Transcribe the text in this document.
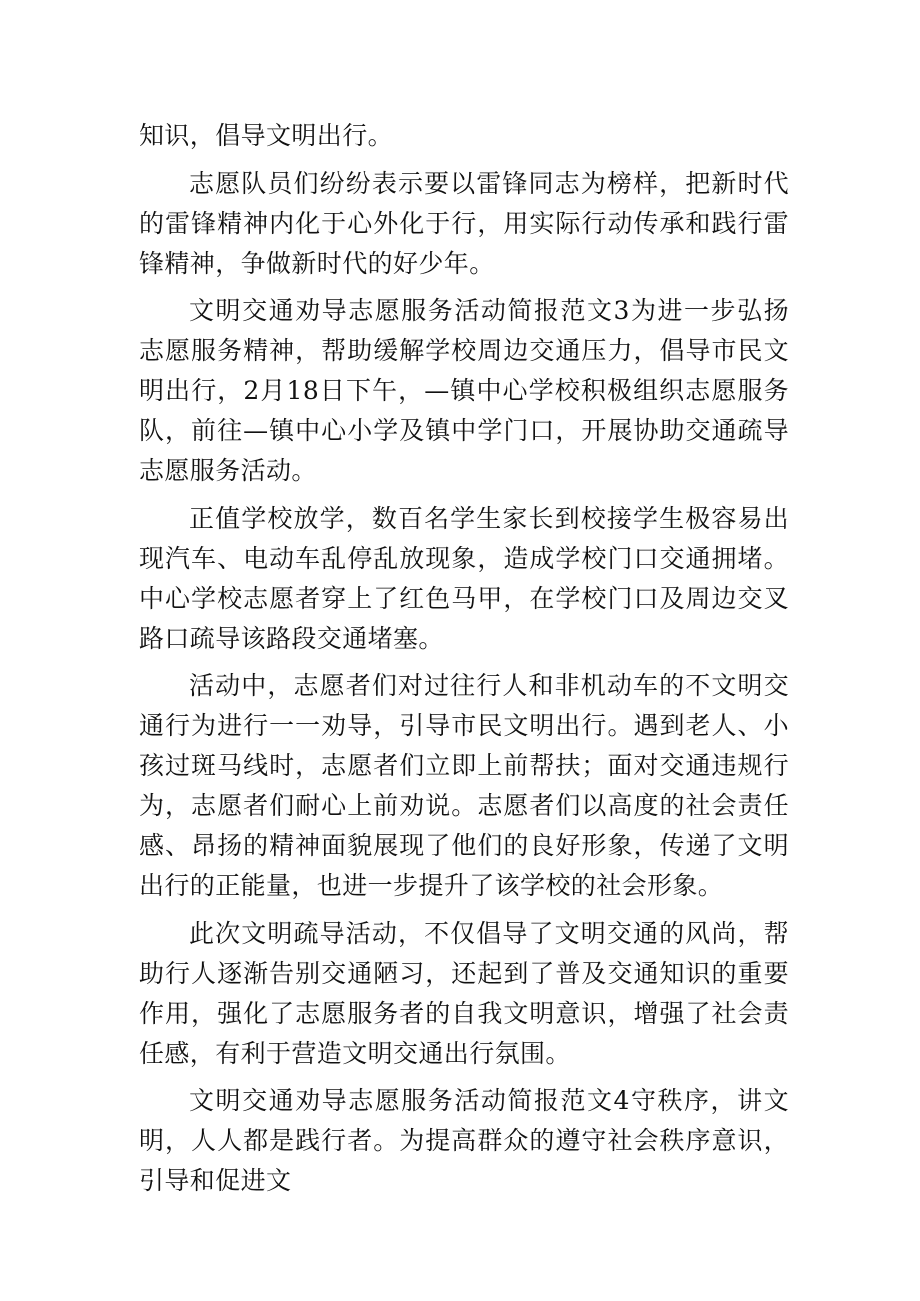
知识，倡导文明出行。

志愿队员们纷纷表示要以雷锋同志为榜样，把新时代的雷锋精神内化于心外化于行，用实际行动传承和践行雷锋精神，争做新时代的好少年。

文明交通劝导志愿服务活动简报范文3为进一步弘扬志愿服务精神，帮助缓解学校周边交通压力，倡导市民文明出行，2月18日下午，—镇中心学校积极组织志愿服务队，前往—镇中心小学及镇中学门口，开展协助交通疏导志愿服务活动。

正值学校放学，数百名学生家长到校接学生极容易出现汽车、电动车乱停乱放现象，造成学校门口交通拥堵。中心学校志愿者穿上了红色马甲，在学校门口及周边交叉路口疏导该路段交通堵塞。

活动中，志愿者们对过往行人和非机动车的不文明交通行为进行一一劝导，引导市民文明出行。遇到老人、小孩过斑马线时，志愿者们立即上前帮扶；面对交通违规行为，志愿者们耐心上前劝说。志愿者们以高度的社会责任感、昂扬的精神面貌展现了他们的良好形象，传递了文明出行的正能量，也进一步提升了该学校的社会形象。

此次文明疏导活动，不仅倡导了文明交通的风尚，帮助行人逐渐告别交通陋习，还起到了普及交通知识的重要作用，强化了志愿服务者的自我文明意识，增强了社会责任感，有利于营造文明交通出行氛围。

文明交通劝导志愿服务活动简报范文4守秩序，讲文明，人人都是践行者。为提高群众的遵守社会秩序意识，引导和促进文
